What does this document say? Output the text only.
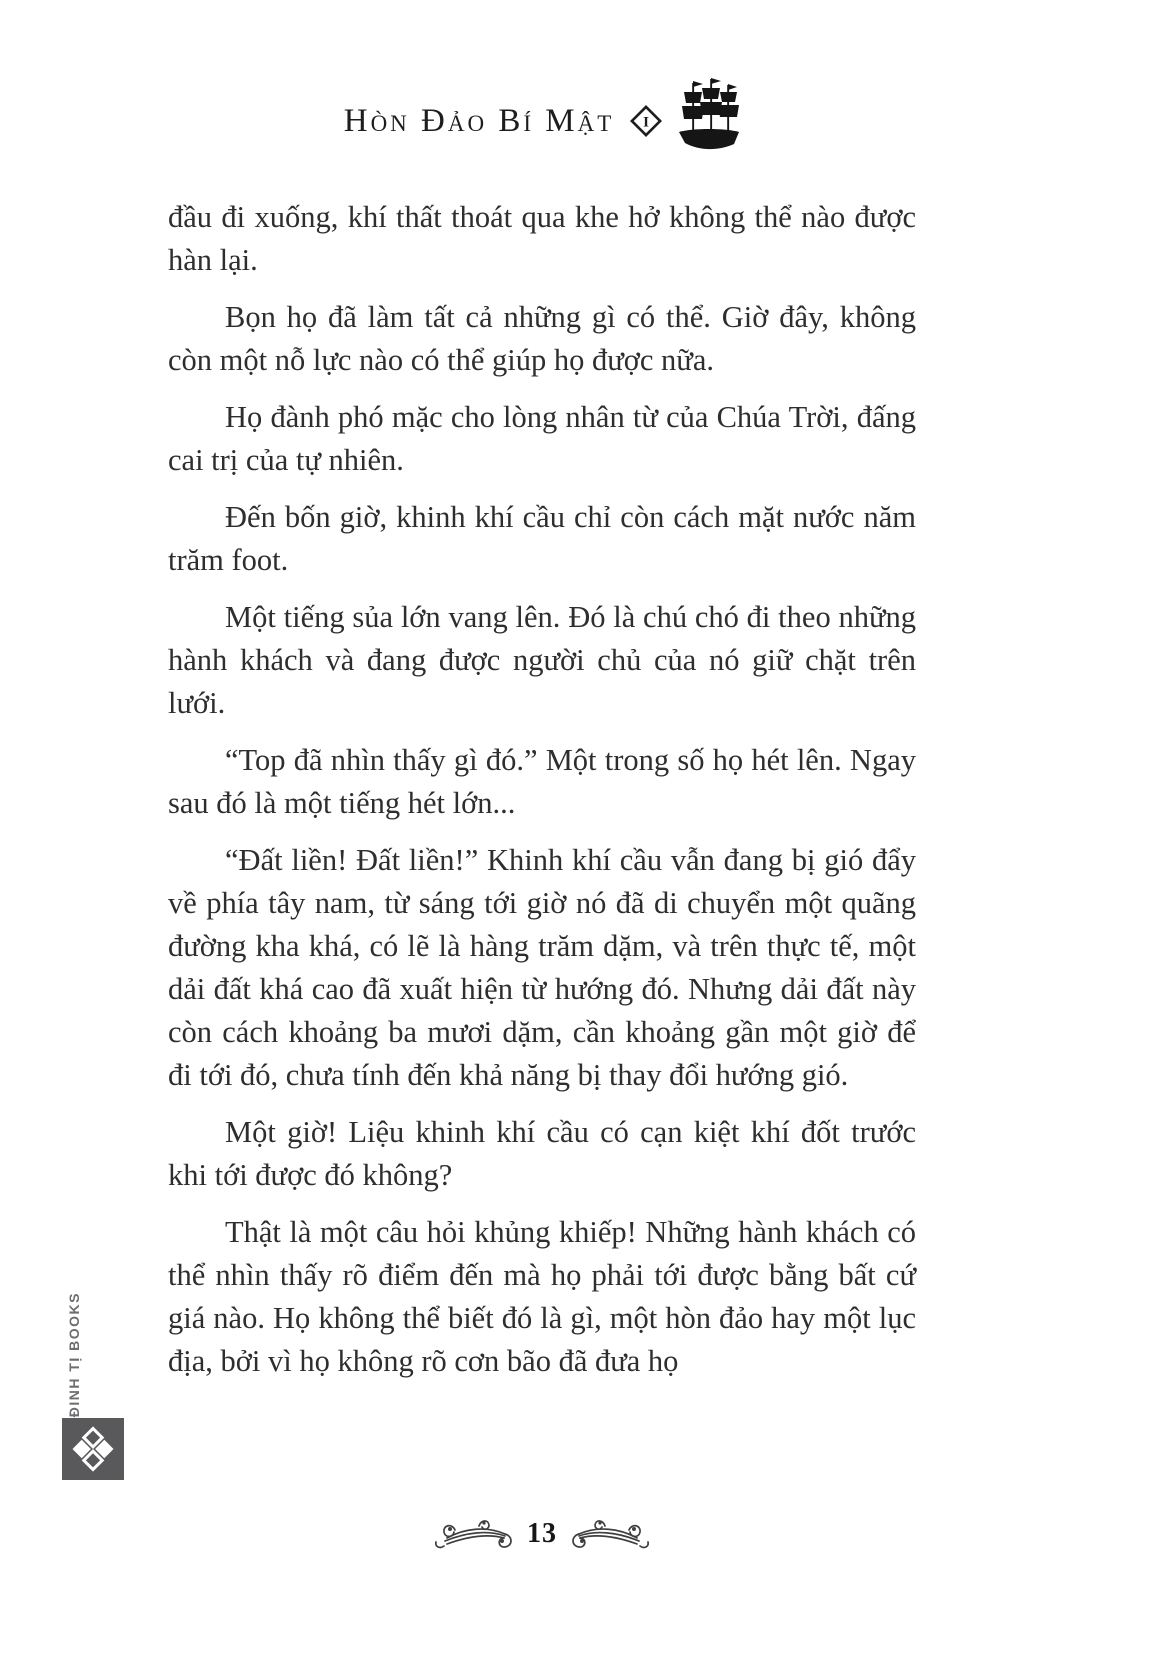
Hòn Đảo Bí Mật I

đầu đi xuống, khí thất thoát qua khe hở không thể nào được hàn lại.

Bọn họ đã làm tất cả những gì có thể. Giờ đây, không còn một nỗ lực nào có thể giúp họ được nữa.

Họ đành phó mặc cho lòng nhân từ của Chúa Trời, đấng cai trị của tự nhiên.

Đến bốn giờ, khinh khí cầu chỉ còn cách mặt nước năm trăm foot.

Một tiếng sủa lớn vang lên. Đó là chú chó đi theo những hành khách và đang được người chủ của nó giữ chặt trên lưới.

“Top đã nhìn thấy gì đó.” Một trong số họ hét lên. Ngay sau đó là một tiếng hét lớn...

“Đất liền! Đất liền!” Khinh khí cầu vẫn đang bị gió đẩy về phía tây nam, từ sáng tới giờ nó đã di chuyển một quãng đường kha khá, có lẽ là hàng trăm dặm, và trên thực tế, một dải đất khá cao đã xuất hiện từ hướng đó. Nhưng dải đất này còn cách khoảng ba mươi dặm, cần khoảng gần một giờ để đi tới đó, chưa tính đến khả năng bị thay đổi hướng gió.

Một giờ! Liệu khinh khí cầu có cạn kiệt khí đốt trước khi tới được đó không?

Thật là một câu hỏi khủng khiếp! Những hành khách có thể nhìn thấy rõ điểm đến mà họ phải tới được bằng bất cứ giá nào. Họ không thể biết đó là gì, một hòn đảo hay một lục địa, bởi vì họ không rõ cơn bão đã đưa họ

ĐINH TỊ BOOKS
13
